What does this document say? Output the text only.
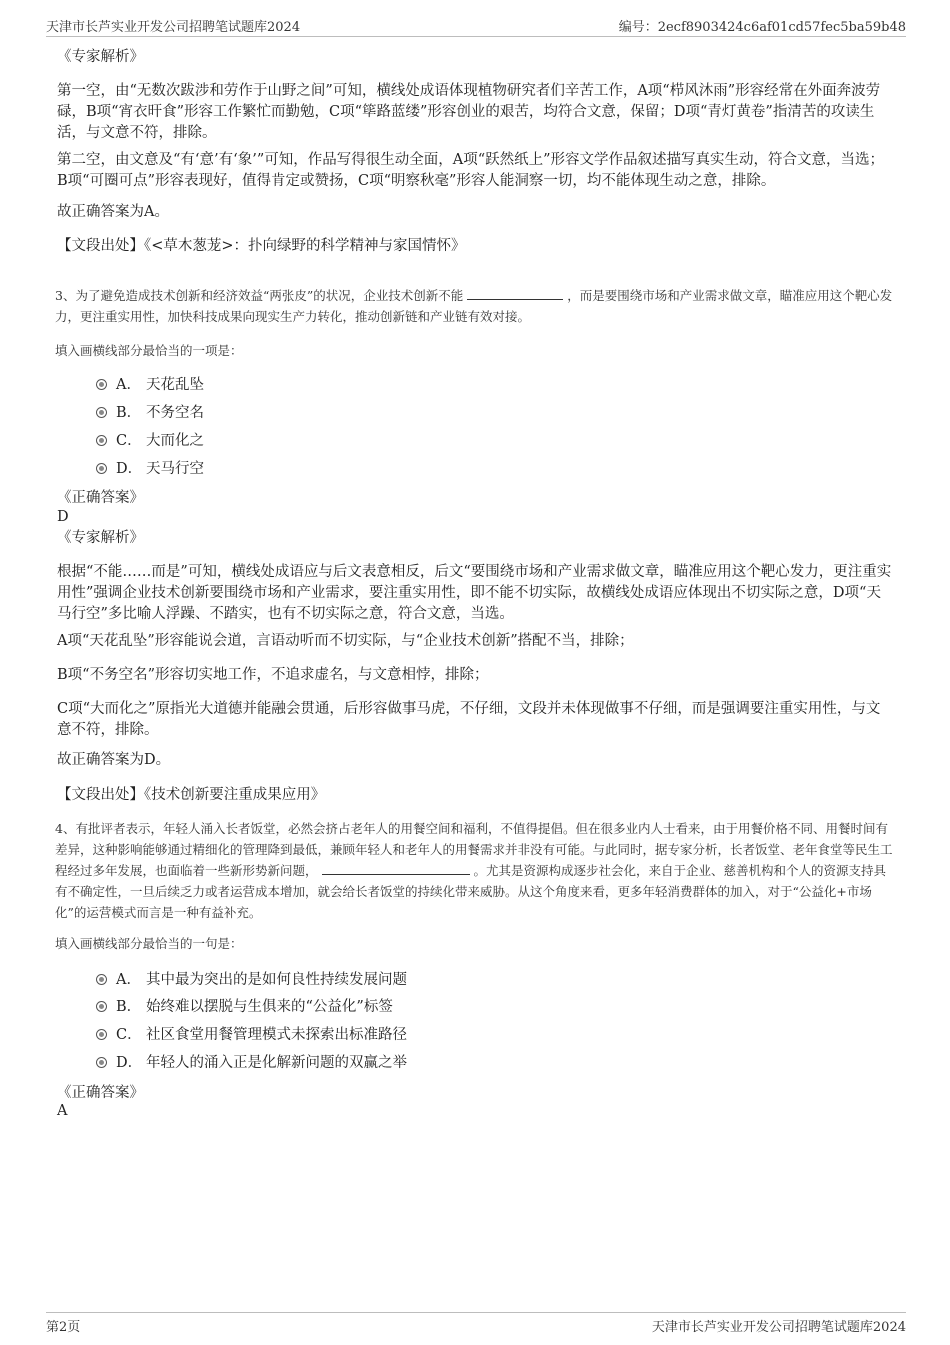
天津市长芦实业开发公司招聘笔试题库2024	编号：2ecf8903424c6af01cd57fec5ba59b48
《专家解析》
第一空，由“无数次跋涉和劳作于山野之间”可知，横线处成语体现植物研究者们辛苦工作，A项“栉风沐雨”形容经常在外面奔波劳碌，B项“宵衣旰食”形容工作繁忙而勤勉，C项“筚路蓝缕”形容创业的艰苦，均符合文意，保留；D项“青灯黄卷”指清苦的攻读生活，与文意不符，排除。
第二空，由文意及“有‘意’有‘象’”可知，作品写得很生动全面，A项“跃然纸上”形容文学作品叙述描写真实生动，符合文意，当选；B项“可圈可点”形容表现好，值得肯定或赞扬，C项“明察秋毫”形容人能洞察一切，均不能体现生动之意，排除。
故正确答案为A。
【文段出处】《<草木葱茏>：扑向绿野的科学精神与家国情怀》
3、为了避免造成技术创新和经济效益“两张皮”的状况，企业技术创新不能	，而是要围绕市场和产业需求做文章，瞄准应用这个靶心发力，更注重实用性，加快科技成果向现实生产力转化，推动创新链和产业链有效对接。
填入画横线部分最恰当的一项是：
A． 天花乱坠
B． 不务空名
C． 大而化之
D． 天马行空
《正确答案》
D
《专家解析》
根据“不能……而是”可知，横线处成语应与后文表意相反，后文“要围绕市场和产业需求做文章，瞄准应用这个靶心发力，更注重实用性”强调企业技术创新要围绕市场和产业需求，要注重实用性，即不能不切实际，故横线处成语应体现出不切实际之意，D项“天马行空”多比喻人浮躁、不踏实，也有不切实际之意，符合文意，当选。
A项“天花乱坠”形容能说会道，言语动听而不切实际，与“企业技术创新”搭配不当，排除；
B项“不务空名”形容切实地工作，不追求虚名，与文意相悖，排除；
C项“大而化之”原指光大道德并能融会贯通，后形容做事马虎，不仔细，文段并未体现做事不仔细，而是强调要注重实用性，与文意不符，排除。
故正确答案为D。
【文段出处】《技术创新要注重成果应用》
4、有批评者表示，年轻人涌入长者饭堂，必然会挤占老年人的用餐空间和福利，不值得提倡。但在很多业内人士看来，由于用餐价格不同、用餐时间有差异，这种影响能够通过精细化的管理降到最低，兼顾年轻人和老年人的用餐需求并非没有可能。与此同时，据专家分析，长者饭堂、老年食堂等民生工程经过多年发展，也面临着一些新形势新问题，	。尤其是资源构成逐步社会化，来自于企业、慈善机构和个人的资源支持具有不确定性，一旦后续乏力或者运营成本增加，就会给长者饭堂的持续化带来威胁。从这个角度来看，更多年轻消费群体的加入，对于“公益化+市场化”的运营模式而言是一种有益补充。
填入画横线部分最恰当的一句是：
A． 其中最为突出的是如何良性持续发展问题
B． 始终难以摆脱与生俱来的“公益化”标签
C． 社区食堂用餐管理模式未探索出标准路径
D． 年轻人的涌入正是化解新问题的双赢之举
《正确答案》
A
第2页	天津市长芦实业开发公司招聘笔试题库2024
